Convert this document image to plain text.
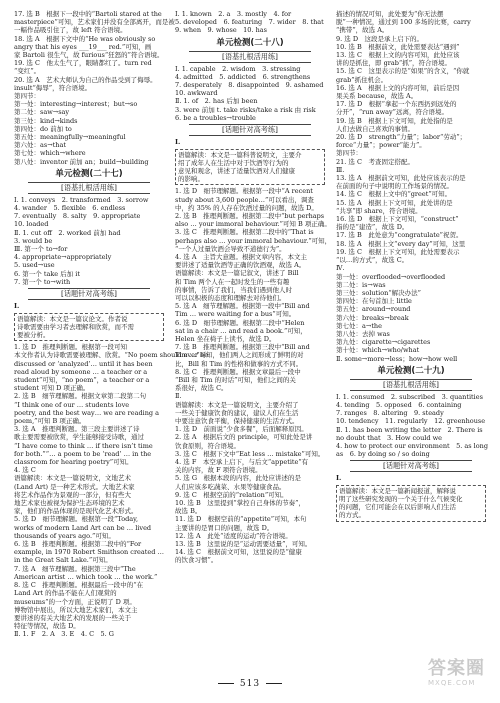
17. 选 B　根据下一段中的“Bartoli stared at the
masterpiece”可知，艺术家们并没有全部离开，而是被
一幅作品吸引住了，故 left 符合语境。
18. 选 A　根据下文中的“He was obviously so
angry that his eyes ___19___ red.”可知，画
家 Bartoli 很生气，故 furious“狂怒的”符合语境。
19. 选 C　他太生气了，眼睛都红了。turn red
“变红”。
20. 选 A　艺术大师认为自己的作品受到了侮辱。
insult“侮辱”，符合语境。
第四节：
第一处：interesting→interest；but→so
第二处：saw→say
第三处：kind→kinds
第四处：do 前加 to
第五处：meaningfully→meaningful
第六处：as→that
第七处：which→where
第八处：inventor 前加 an；build→building
单元检测(二十七)
[语基扎根活用练]
Ⅰ. 1. conveys　2. transformed　3. sorrow
4. wander　5. flexible　6. endless
7. eventually　8. salty　9. appropriate
10. loaded
Ⅱ. 1. cut off　2. worked 前加 had
3. would be
Ⅲ. 第一个 to→for
4. appropriate→appropriately
5. used→use
6. 第一个 take 后加 it
7. 第一个 to→with
[话题针对高考练]
Ⅰ.
语篇解读：本文是一篇议论文。作者说
诗歌需要由学习者去理解和欣赏，而不需
要被分析。
1. 选 D　推理判断题。根据第一段可知
本文作者认为诗歌需要被理解、欣赏。“No poem should ever be
discussed or ‘analyzed’… until it has been
read aloud by someone … a teacher or a
student”可知，“no poem”，a teacher or a
student 可知 D 项正确。
2. 选 B　细节理解题。根据文章第二段第二句
“I think one of our … students love
poetry, and the best way… we are reading a
poem,”可知 B 项正确。
3. 选 A　推理判断题。第三段主要讲述了诗
歌主要需要被欣赏，学生能够接受诗歌，通过
“I have come to think … if there isn’t time
for both.”“… a poem to be ‘read’ … in the
classroom for hearing poetry”可知。
4. 选 C
语篇解读：本文是一篇说明文，文地艺术
(Land Art) 是一种艺术形式。大地艺术家
将艺术作品作为景观的一部分，但有些大
地艺术家也被视为保护生态环境的艺术
家，他们的作品体现的是现代化艺术形式。
5. 选 D　细节理解题。根据第一段“Today,
works of modern Land Art can be … lived
thousands of years ago.”可知。
6. 选 B　推理判断题。根据第二段中的“For
example, in 1970 Robert Smithson created …
in the Great Salt Lake.”可知。
7. 选 A　细节理解题。根据第三段中“The
American artist … which took … the work.”
8. 选 C　推理判断题。根据最后一段中的“在
Land Art 的作品不能在人们观赏的
museums”的一个方面，正说明了 D 项。
博物馆中展出，所以大地艺术家们，本文主
要讲述的有关大地艺术的发展的一些关于
特征等情况，故选 D。
Ⅱ. 1. F　2. A　3. E　4. C　5. G
Ⅰ. 1. known　2. a　3. mostly　4. for
5. developed　6. featuring　7. wider　8. that
9. when　9. whose　10. has
单元检测(二十八)
[语基扎根活用练]
Ⅰ. 1. capable　2. wisdom　3. stressing
4. admitted　5. addicted　6. strengthens
7. desperately　8. disappointed　9. ashamed
10. awkward
Ⅱ. 1. of　2. has 后加 been
3. were 前加 t. take risks/take a risk 由 risk
6. be a troubles→trouble
[话题针对高考练]
Ⅰ.
语篇解读：本文是一篇科普说明文，主要介
绍了成年人在生活中对于饮酒等行为的
意见和观念，讲述了适量饮酒对人们健康
的影响。
1. 选 D　细节理解题。根据第一段中“A recent
study about 3,600 people…”可以看出，调查
中，约 35% 的人存在饮酒过量的问题，故选 D。
2. 选 B　推理判断题。根据第二段中“but perhaps
also … your immoral behaviour.”可知 B 项正确。
3. 选 C　推理判断题。根据第二段中的“That is
perhaps also … your immoral behaviour.”可知，
“一个人过量饮酒会导致不道德行为”。
4. 选 A　主旨大意题。根据文章内容，本文主
要讲述了适量饮酒等正确的饮酒观，故选 A。
语篇解读：本文是一篇记叙文，讲述了 Bill
和 Tim 两个人在一起时发生的一些有趣
的事情，告诉了我们，当我们遇到他人时
可以以积极的态度和理解去对待他们。
5. 选 A　细节理解题。根据第一段中“Bill and
Tim … were waiting for a bus”可知。
6. 选 D　细节理解题。根据第二段中“Helen
sat in a chair … and read a book.”可知，
Helen 坐在椅子上读书，故选 D。
7. 选 B　推理判断题。根据第三段中“Bill and
Tim …”可知，他们两人之间形成了鲜明的对
比，Bill 和 Tim 的性格和做事的方式不同。
8. 选 C　推理判断题。根据文章最后一段中
“Bill 和 Tim 的对话”可知，他们之间的关
系很好，故选 C。
Ⅱ.
语篇解读：本文是一篇说明文，主要介绍了
一些关于健康饮食的建议，建议人们在生活
中要注意饮食平衡，保持健康的生活方式。
1. 选 D　前面说“少食多餐”，后面解释原因。
2. 选 A　根据后文的 principle，可知此处是讲
饮食原则，符合语境。
3. 选 C　根据下文中“Eat less … mistake”可知。
4. 选 F　本空承上启下，与后文“appetite”有
关的内容，故 F 项符合语境。
5. 选 G　根据本段的内容，此处应讲述的是
人们应该多吃蔬菜、水果等健康食品。
9. 选 C　根据空前的“relation”可知。
10. 选 B　这里提到“掌控自己身体的节奏”，
故选 B。
11. 选 D　根据空前的“appetite”可知，本句
主要讲的是胃口的问题，故选 D。
12. 选 A　此处“适度的运动”符合语境。
13. 选 B　这里说的是“运动需要适量”，可知。
14. 选 C　根据前文可知，这里说的是“健康
的饮食习惯”。
描述的情况可知，此处要为“你无法摆
脱”一种情况，通过到 100 多场的比赛，carry
“携带”，故选 A。
9. 选 D　这段是承上启下的。
10. 选 B　根据前文，此处需要表达“遇到”
13. 选 C　根据上文的内容可知，此处应该
讲的是抓住，即 grab“抓”，符合语境。
15. 选 C　这里表示的是“如果”的含义，“你就
grab”抓住机会。
16. 选 A　根据上文的内容可知，前后是因
果关系 because，故选 A。
17. 选 D　根据“拿起一个东西扔到远处的
分开”，“run away”远离，符合语境。
19. 选 B　根据上下文可知，此处指的是
人们去做自己喜欢的事情。
20. 选 D　strength“力量”；labor“劳动”；
force“力量”；power“能力”。
第四节：
21. 选 C　考查固定搭配。
Ⅲ.
13. 选 A　根据前文可知，此处应该表示的是
在前面的句子中说明的工作场景的情况。
14. 选 C　根据上文中的“greet”可知。
15. 选 A　根据上下文可知，此处讲的是
“共享”即 share，符合语境。
16. 选 D　根据上下文可知，“construct”
指的是“建造”，故选 D。
17. 选 B　此处意为“congratulate”祝贺。
18. 选 A　根据上文“every day”可知，这里
19. 选 C　根据上下文可知，此处需要表示
“以…的方式”，故选 C。
Ⅳ.
第一处：overflooded→overflooded
第二处：is→was
第三处：solution“解决办法”
第四处：在句首加上 little
第五处：around→round
第六处：breaks→break
第七处：a→the
第八处：去掉 was
第九处：cigarette→cigarettes
第十处：which→who/what
Ⅱ. some→more→less；how→how well
单元检测(二十九)
[语基扎根活用练]
Ⅰ. 1. consumed　2. subscribed　3. quantities
4. tending　5. opposed　6. containing
7. ranges　8. altering　9. steady
10. tendency　11. regularly　12. greenhouse
Ⅱ. 1. has been writing the letter　2. There is
no doubt that　3. How could we
4. how to protect our environment　5. as long
as　6. by doing so / so doing
[话题针对高考练]
Ⅰ.
语篇解读：本文是一篇新闻报道，解释说
明了这些研究发现的一个关于什么气候变化
的问题，它们可能会在以后影响人们生活
的方式。
513
答案圈
MXQE.COM
